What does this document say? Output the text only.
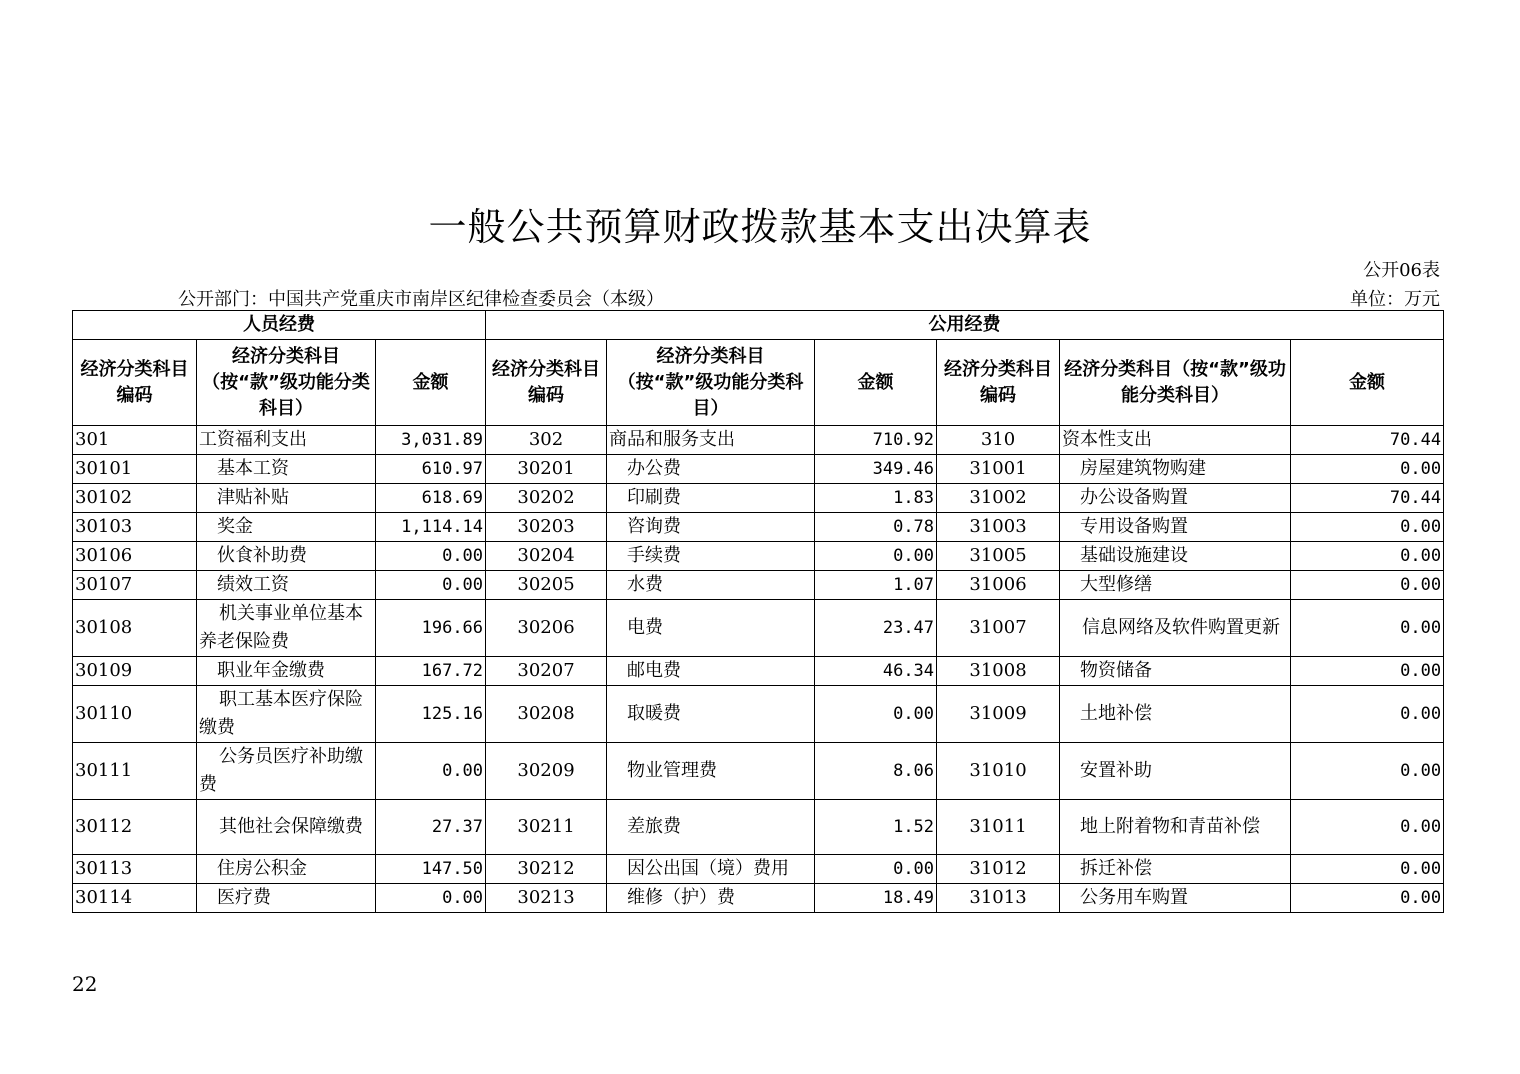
一般公共预算财政拨款基本支出决算表
公开06表
公开部门：中国共产党重庆市南岸区纪律检查委员会（本级）	单位：万元
人员经费			公用经费					
经济分类科目编码	经济分类科目（按“款”级功能分类科目）	金额	经济分类科目编码	经济分类科目（按“款”级功能分类科目）	金额	经济分类科目编码	经济分类科目（按“款”级功能分类科目）	金额
301	工资福利支出	3,031.89	302	商品和服务支出	710.92	310	资本性支出	70.44
30101	基本工资	610.97	30201	办公费	349.46	31001	房屋建筑物购建	0.00
30102	津贴补贴	618.69	30202	印刷费	1.83	31002	办公设备购置	70.44
30103	奖金	1,114.14	30203	咨询费	0.78	31003	专用设备购置	0.00
30106	伙食补助费	0.00	30204	手续费	0.00	31005	基础设施建设	0.00
30107	绩效工资	0.00	30205	水费	1.07	31006	大型修缮	0.00
30108	机关事业单位基本养老保险费	196.66	30206	电费	23.47	31007	信息网络及软件购置更新	0.00
30109	职业年金缴费	167.72	30207	邮电费	46.34	31008	物资储备	0.00
30110	职工基本医疗保险缴费	125.16	30208	取暖费	0.00	31009	土地补偿	0.00
30111	公务员医疗补助缴费	0.00	30209	物业管理费	8.06	31010	安置补助	0.00
30112	其他社会保障缴费	27.37	30211	差旅费	1.52	31011	地上附着物和青苗补偿	0.00
30113	住房公积金	147.50	30212	因公出国（境）费用	0.00	31012	拆迁补偿	0.00
30114	医疗费	0.00	30213	维修（护）费	18.49	31013	公务用车购置	0.00
22
